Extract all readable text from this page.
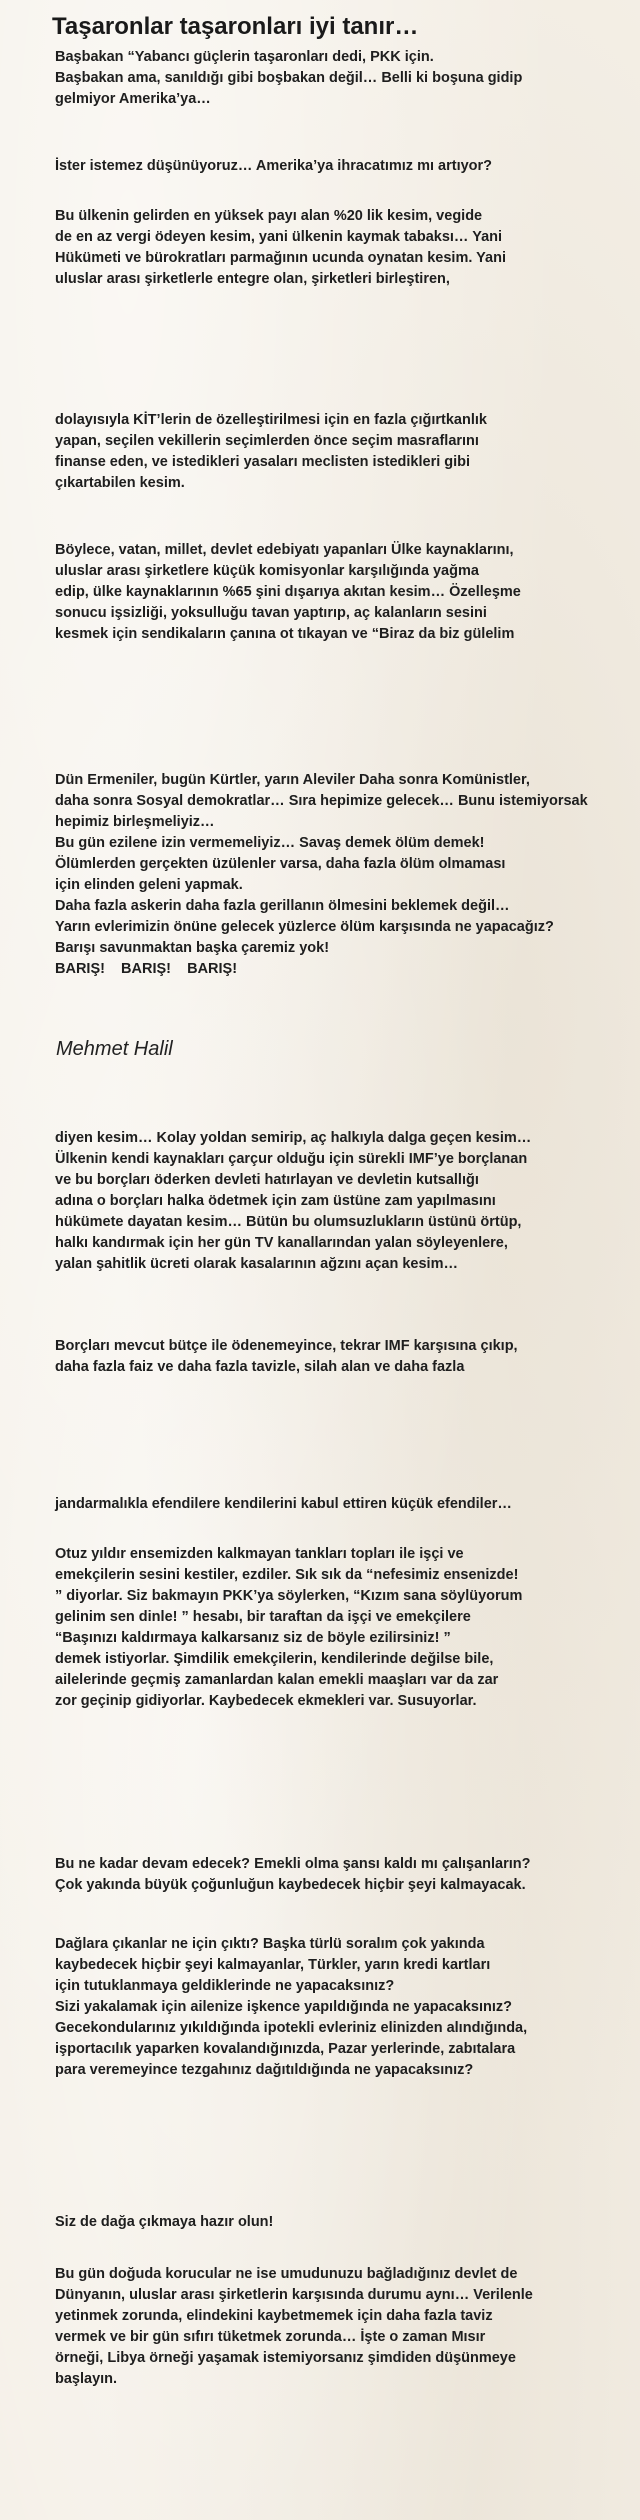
Taşaronlar taşaronları iyi tanır…
Başbakan “Yabancı güçlerin taşaronları dedi, PKK için.
Başbakan ama, sanıldığı gibi boşbakan değil… Belli ki boşuna gidip
gelmiyor Amerika’ya…
İster istemez düşünüyoruz… Amerika’ya ihracatımız mı artıyor?
Bu ülkenin gelirden en yüksek payı alan %20 lik kesim, vegide
de en az vergi ödeyen kesim, yani ülkenin kaymak tabaksı… Yani
Hükümeti ve bürokratları parmağının ucunda oynatan kesim. Yani
uluslar arası şirketlerle entegre olan, şirketleri birleştiren,
dolayısıyla KİT’lerin de özelleştirilmesi için en fazla çığırtkanlık
yapan, seçilen vekillerin seçimlerden önce seçim masraflarını
finanse eden, ve istedikleri yasaları meclisten istedikleri gibi
çıkartabilen kesim.
Böylece, vatan, millet, devlet edebiyatı yapanları Ülke kaynaklarını,
uluslar arası şirketlere küçük komisyonlar karşılığında yağma
edip, ülke kaynaklarının %65 şini dışarıya akıtan kesim… Özelleşme
sonucu işsizliği, yoksulluğu tavan yaptırıp, aç kalanların sesini
kesmek için sendikaların çanına ot tıkayan ve “Biraz da biz gülelim
Dün Ermeniler, bugün Kürtler, yarın Aleviler Daha sonra Komünistler,
daha sonra Sosyal demokratlar… Sıra hepimize gelecek… Bunu istemiyorsak
hepimiz birleşmeliyiz…
Bu gün ezilene izin vermemeliyiz… Savaş demek ölüm demek!
Ölümlerden gerçekten üzülenler varsa, daha fazla ölüm olmaması
için elinden geleni yapmak.
Daha fazla askerin daha fazla gerillanın ölmesini beklemek değil…
Yarın evlerimizin önüne gelecek yüzlerce ölüm karşısında ne yapacağız?
Barışı savunmaktan başka çaremiz yok!
BARIŞ!    BARIŞ!    BARIŞ!
Mehmet Halil
diyen kesim… Kolay yoldan semirip, aç halkıyla dalga geçen kesim…
Ülkenin kendi kaynakları çarçur olduğu için sürekli IMF’ye borçlanan
ve bu borçları öderken devleti hatırlayan ve devletin kutsallığı
adına o borçları halka ödetmek için zam üstüne zam yapılmasını
hükümete dayatan kesim… Bütün bu olumsuzlukların üstünü örtüp,
halkı kandırmak için her gün TV kanallarından yalan söyleyenlere,
yalan şahitlik ücreti olarak kasalarının ağzını açan kesim…
Borçları mevcut bütçe ile ödenemeyince, tekrar IMF karşısına çıkıp,
daha fazla faiz ve daha fazla tavizle, silah alan ve daha fazla
jandarmalıkla efendilere kendilerini kabul ettiren küçük efendiler…
Otuz yıldır ensemizden kalkmayan tankları topları ile işçi ve
emekçilerin sesini kestiler, ezdiler. Sık sık da “nefesimiz ensenizde!
” diyorlar. Siz bakmayın PKK’ya söylerken, “Kızım sana söylüyorum
gelinim sen dinle! ” hesabı, bir taraftan da işçi ve emekçilere
“Başınızı kaldırmaya kalkarsanız siz de böyle ezilirsiniz! ”
demek istiyorlar. Şimdilik emekçilerin, kendilerinde değilse bile,
ailelerinde geçmiş zamanlardan kalan emekli maaşları var da zar
zor geçinip gidiyorlar. Kaybedecek ekmekleri var. Susuyorlar.
Bu ne kadar devam edecek? Emekli olma şansı kaldı mı çalışanların?
Çok yakında büyük çoğunluğun kaybedecek hiçbir şeyi kalmayacak.
Dağlara çıkanlar ne için çıktı? Başka türlü soralım çok yakında
kaybedecek hiçbir şeyi kalmayanlar, Türkler, yarın kredi kartları
için tutuklanmaya geldiklerinde ne yapacaksınız?
Sizi yakalamak için ailenize işkence yapıldığında ne yapacaksınız?
Gecekondularınız yıkıldığında ipotekli evleriniz elinizden alındığında,
işportacılık yaparken kovalandığınızda, Pazar yerlerinde, zabıtalara
para veremeyince tezgahınız dağıtıldığında ne yapacaksınız?
Siz de dağa çıkmaya hazır olun!
Bu gün doğuda korucular ne ise umudunuzu bağladığınız devlet de
Dünyanın, uluslar arası şirketlerin karşısında durumu aynı… Verilenle
yetinmek zorunda, elindekini kaybetmemek için daha fazla taviz
vermek ve bir gün sıfırı tüketmek zorunda… İşte o zaman Mısır
örneği, Libya örneği yaşamak istemiyorsanız şimdiden düşünmeye
başlayın.
